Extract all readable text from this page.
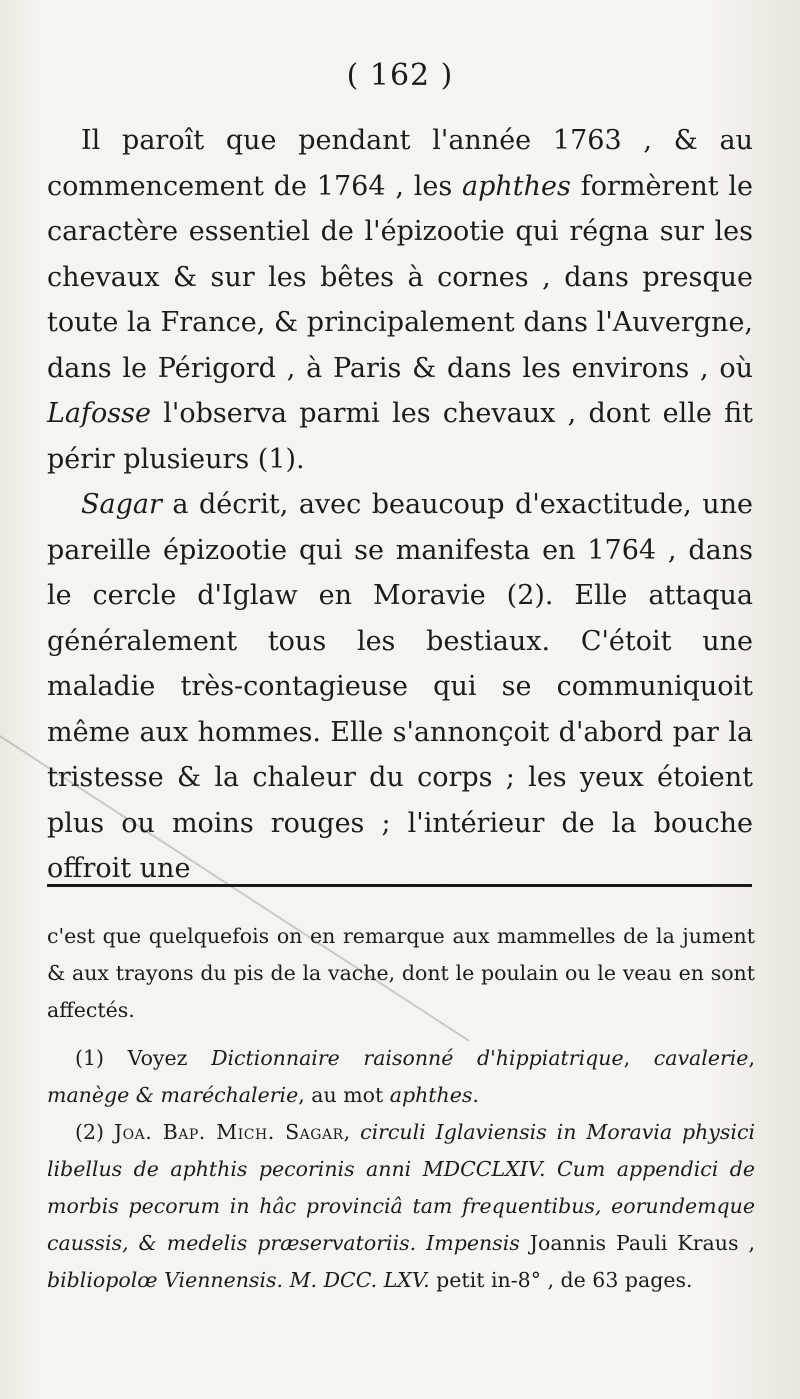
( 162 )

Il paroît que pendant l'année 1763 , & au commencement de 1764 , les aphthes formèrent le caractère essentiel de l'épizootie qui régna sur les chevaux & sur les bêtes à cornes , dans presque toute la France, & principalement dans l'Auvergne, dans le Périgord , à Paris & dans les environs , où Lafosse l'observa parmi les chevaux , dont elle fit périr plusieurs (1).

Sagar a décrit, avec beaucoup d'exactitude, une pareille épizootie qui se manifesta en 1764 , dans le cercle d'Iglaw en Moravie (2). Elle attaqua généralement tous les bestiaux. C'étoit une maladie très-contagieuse qui se communiquoit même aux hommes. Elle s'annonçoit d'abord par la tristesse & la chaleur du corps ; les yeux étoient plus ou moins rouges ; l'intérieur de la bouche offroit une

c'est que quelquefois on en remarque aux mammelles de la jument & aux trayons du pis de la vache, dont le poulain ou le veau en sont affectés.

(1) Voyez Dictionnaire raisonné d'hippiatrique, cavalerie, manège & maréchalerie, au mot aphthes.

(2) Joa. Bap. Mich. Sagar, circuli Iglaviensis in Moravia physici libellus de aphthis pecorinis anni MDCCLXIV. Cum appendici de morbis pecorum in hâc provinciâ tam frequentibus, eorundemque caussis, & medelis præservatoriis. Impensis Joannis Pauli Kraus , bibliopolœ Viennensis. M. DCC. LXV. petit in-8° , de 63 pages.
